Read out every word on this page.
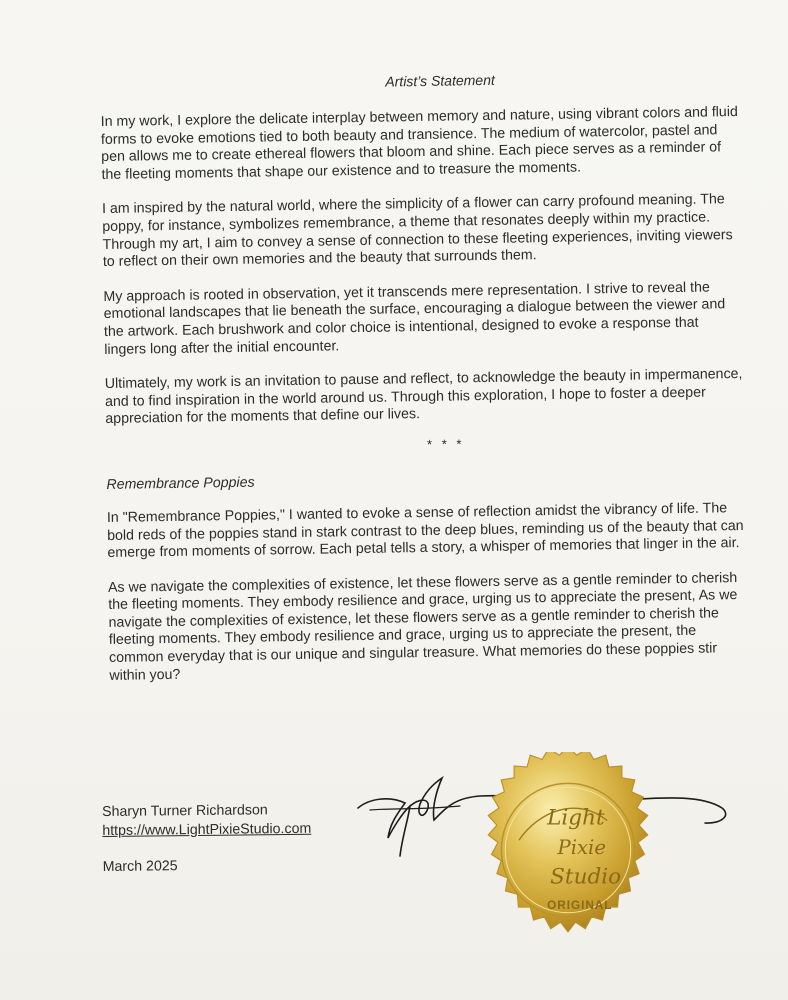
Artist’s Statement

In my work, I explore the delicate interplay between memory and nature, using vibrant colors and fluid forms to evoke emotions tied to both beauty and transience. The medium of watercolor, pastel and pen allows me to create ethereal flowers that bloom and shine. Each piece serves as a reminder of the fleeting moments that shape our existence and to treasure the moments.

I am inspired by the natural world, where the simplicity of a flower can carry profound meaning. The poppy, for instance, symbolizes remembrance, a theme that resonates deeply within my practice. Through my art, I aim to convey a sense of connection to these fleeting experiences, inviting viewers to reflect on their own memories and the beauty that surrounds them.

My approach is rooted in observation, yet it transcends mere representation. I strive to reveal the emotional landscapes that lie beneath the surface, encouraging a dialogue between the viewer and the artwork. Each brushwork and color choice is intentional, designed to evoke a response that lingers long after the initial encounter.

Ultimately, my work is an invitation to pause and reflect, to acknowledge the beauty in impermanence, and to find inspiration in the world around us. Through this exploration, I hope to foster a deeper appreciation for the moments that define our lives.

* * *
Remembrance Poppies

In "Remembrance Poppies," I wanted to evoke a sense of reflection amidst the vibrancy of life. The bold reds of the poppies stand in stark contrast to the deep blues, reminding us of the beauty that can emerge from moments of sorrow. Each petal tells a story, a whisper of memories that linger in the air.

As we navigate the complexities of existence, let these flowers serve as a gentle reminder to cherish the fleeting moments. They embody resilience and grace, urging us to appreciate the present, As we navigate the complexities of existence, let these flowers serve as a gentle reminder to cherish the fleeting moments. They embody resilience and grace, urging us to appreciate the present, the common everyday that is our unique and singular treasure. What memories do these poppies stir within you?

Sharyn Turner Richardson
https://www.LightPixieStudio.com
March 2025
Light
Pixie
Studio
ORIGINAL
